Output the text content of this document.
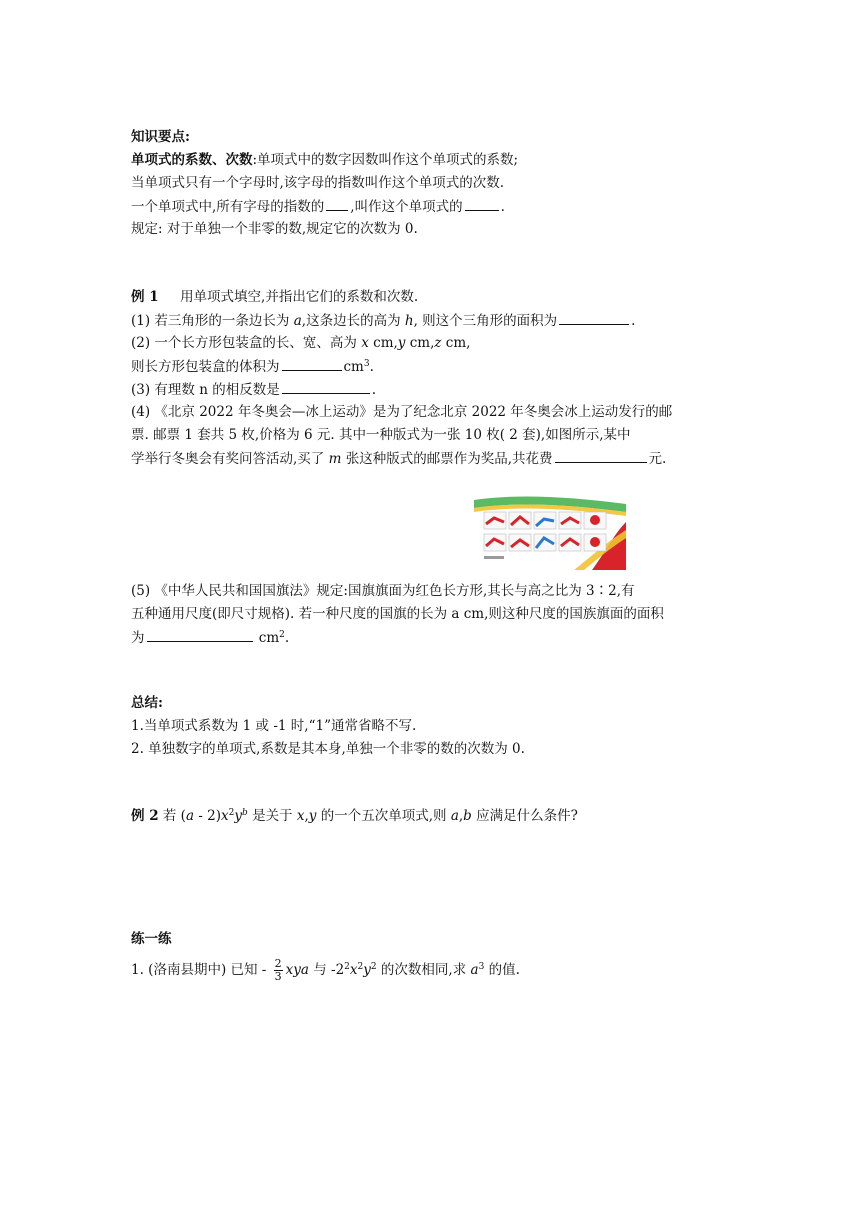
知识要点:
单项式的系数、次数:单项式中的数字因数叫作这个单项式的系数;
当单项式只有一个字母时,该字母的指数叫作这个单项式的次数.
一个单项式中,所有字母的指数的 ,叫作这个单项式的	.
规定: 对于单独一个非零的数,规定它的次数为 0.
例 1 用单项式填空,并指出它们的系数和次数.
(1) 若三角形的一条边长为 a,这条边长的高为 h, 则这个三角形的面积为	.
(2) 一个长方形包装盒的长、宽、高为 x cm,y cm,z cm,
则长方形包装盒的体积为	$cm^3$.
(3) 有理数 n 的相反数是	.
(4) 《北京 2022 年冬奥会—冰上运动》是为了纪念北京 2022 年冬奥会冰上运动发行的邮
票. 邮票 1 套共 5 枚,价格为 6 元. 其中一种版式为一张 10 枚( 2 套),如图所示,某中
学举行冬奥会有奖问答活动,买了 m 张这种版式的邮票作为奖品,共花费	元.
(5) 《中华人民共和国国旗法》规定:国旗旗面为红色长方形,其长与高之比为 3∶2,有
五种通用尺度(即尺寸规格). 若一种尺度的国旗的长为 a cm,则这种尺度的国族旗面的面积
为	$cm^2$.
总结:
1.当单项式系数为 1 或 -1 时,“1”通常省略不写.
2. 单独数字的单项式,系数是其本身,单独一个非零的数的次数为 0.
例 2 若 $(a - 2)x^2y^b$ 是关于 x,y 的一个五次单项式,则 a,b 应满足什么条件?
练一练
1. (洛南县期中) 已知 - $\frac{2}{3}$ xya 与 $-2^2x^2y^2$ 的次数相同,求 $a^3$ 的值.
